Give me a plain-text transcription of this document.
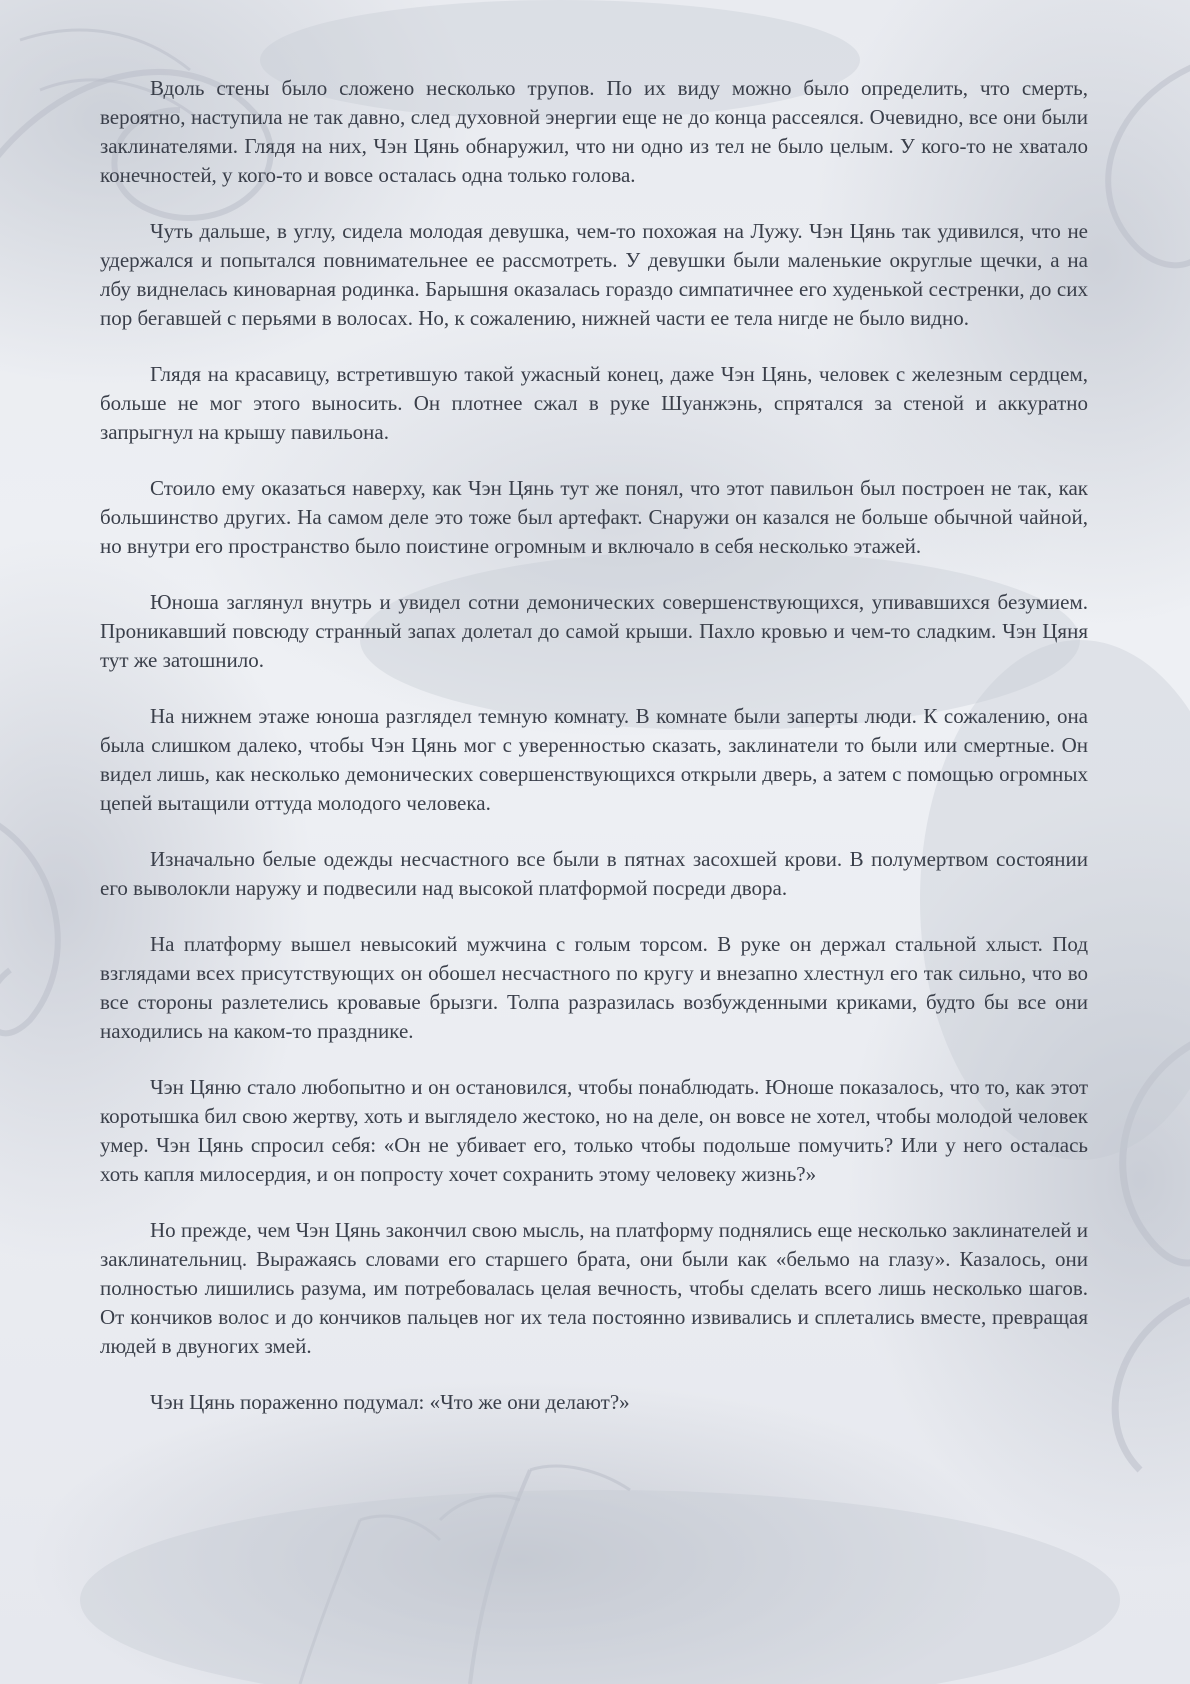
Вдоль стены было сложено несколько трупов. По их виду можно было определить, что смерть, вероятно, наступила не так давно, след духовной энергии еще не до конца рассеялся. Очевидно, все они были заклинателями. Глядя на них, Чэн Цянь обнаружил, что ни одно из тел не было целым. У кого-то не хватало конечностей, у кого-то и вовсе осталась одна только голова.

Чуть дальше, в углу, сидела молодая девушка, чем-то похожая на Лужу. Чэн Цянь так удивился, что не удержался и попытался повнимательнее ее рассмотреть. У девушки были маленькие округлые щечки, а на лбу виднелась киноварная родинка. Барышня оказалась гораздо симпатичнее его худенькой сестренки, до сих пор бегавшей с перьями в волосах. Но, к сожалению, нижней части ее тела нигде не было видно.

Глядя на красавицу, встретившую такой ужасный конец, даже Чэн Цянь, человек с железным сердцем, больше не мог этого выносить. Он плотнее сжал в руке Шуанжэнь, спрятался за стеной и аккуратно запрыгнул на крышу павильона.

Стоило ему оказаться наверху, как Чэн Цянь тут же понял, что этот павильон был построен не так, как большинство других. На самом деле это тоже был артефакт. Снаружи он казался не больше обычной чайной, но внутри его пространство было поистине огромным и включало в себя несколько этажей.

Юноша заглянул внутрь и увидел сотни демонических совершенствующихся, упивавшихся безумием. Проникавший повсюду странный запах долетал до самой крыши. Пахло кровью и чем-то сладким. Чэн Цяня тут же затошнило.

На нижнем этаже юноша разглядел темную комнату. В комнате были заперты люди. К сожалению, она была слишком далеко, чтобы Чэн Цянь мог с уверенностью сказать, заклинатели то были или смертные. Он видел лишь, как несколько демонических совершенствующихся открыли дверь, а затем с помощью огромных цепей вытащили оттуда молодого человека.

Изначально белые одежды несчастного все были в пятнах засохшей крови. В полумертвом состоянии его выволокли наружу и подвесили над высокой платформой посреди двора.

На платформу вышел невысокий мужчина с голым торсом. В руке он держал стальной хлыст. Под взглядами всех присутствующих он обошел несчастного по кругу и внезапно хлестнул его так сильно, что во все стороны разлетелись кровавые брызги. Толпа разразилась возбужденными криками, будто бы все они находились на каком-то празднике.

Чэн Цяню стало любопытно и он остановился, чтобы понаблюдать. Юноше показалось, что то, как этот коротышка бил свою жертву, хоть и выглядело жестоко, но на деле, он вовсе не хотел, чтобы молодой человек умер. Чэн Цянь спросил себя: «Он не убивает его, только чтобы подольше помучить? Или у него осталась хоть капля милосердия, и он попросту хочет сохранить этому человеку жизнь?»

Но прежде, чем Чэн Цянь закончил свою мысль, на платформу поднялись еще несколько заклинателей и заклинательниц. Выражаясь словами его старшего брата, они были как «бельмо на глазу». Казалось, они полностью лишились разума, им потребовалась целая вечность, чтобы сделать всего лишь несколько шагов. От кончиков волос и до кончиков пальцев ног их тела постоянно извивались и сплетались вместе, превращая людей в двуногих змей.

Чэн Цянь пораженно подумал: «Что же они делают?»
